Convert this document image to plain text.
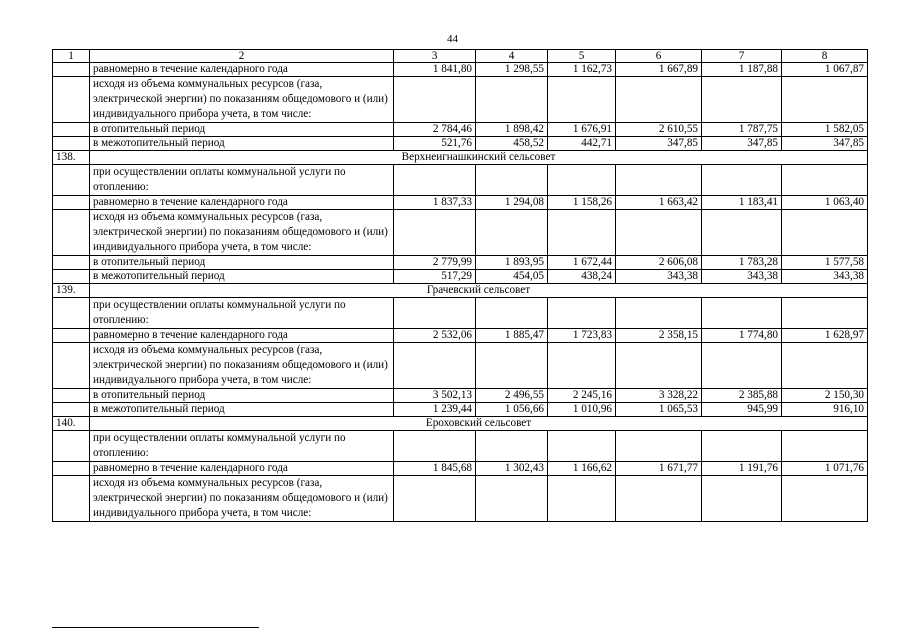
44
1	2	3	4	5	6	7	8
	равномерно в течение календарного года	1 841,80	1 298,55	1 162,73	1 667,89	1 187,88	1 067,87
	исходя из объема коммунальных ресурсов (газа, электрической энергии) по показаниям общедомового и (или) индивидуального прибора учета, в том числе:						
	в отопительный период	2 784,46	1 898,42	1 676,91	2 610,55	1 787,75	1 582,05
	в межотопительный период	521,76	458,52	442,71	347,85	347,85	347,85
138.	Верхнеигнашкинский сельсовет						
	при осуществлении оплаты коммунальной услуги по отоплению:						
	равномерно в течение календарного года	1 837,33	1 294,08	1 158,26	1 663,42	1 183,41	1 063,40
	исходя из объема коммунальных ресурсов (газа, электрической энергии) по показаниям общедомового и (или) индивидуального прибора учета, в том числе:						
	в отопительный период	2 779,99	1 893,95	1 672,44	2 606,08	1 783,28	1 577,58
	в межотопительный период	517,29	454,05	438,24	343,38	343,38	343,38
139.	Грачевский сельсовет						
	при осуществлении оплаты коммунальной услуги по отоплению:						
	равномерно в течение календарного года	2 532,06	1 885,47	1 723,83	2 358,15	1 774,80	1 628,97
	исходя из объема коммунальных ресурсов (газа, электрической энергии) по показаниям общедомового и (или) индивидуального прибора учета, в том числе:						
	в отопительный период	3 502,13	2 496,55	2 245,16	3 328,22	2 385,88	2 150,30
	в межотопительный период	1 239,44	1 056,66	1 010,96	1 065,53	945,99	916,10
140.	Ероховский сельсовет						
	при осуществлении оплаты коммунальной услуги по отоплению:						
	равномерно в течение календарного года	1 845,68	1 302,43	1 166,62	1 671,77	1 191,76	1 071,76
	исходя из объема коммунальных ресурсов (газа, электрической энергии) по показаниям общедомового и (или) индивидуального прибора учета, в том числе:						
